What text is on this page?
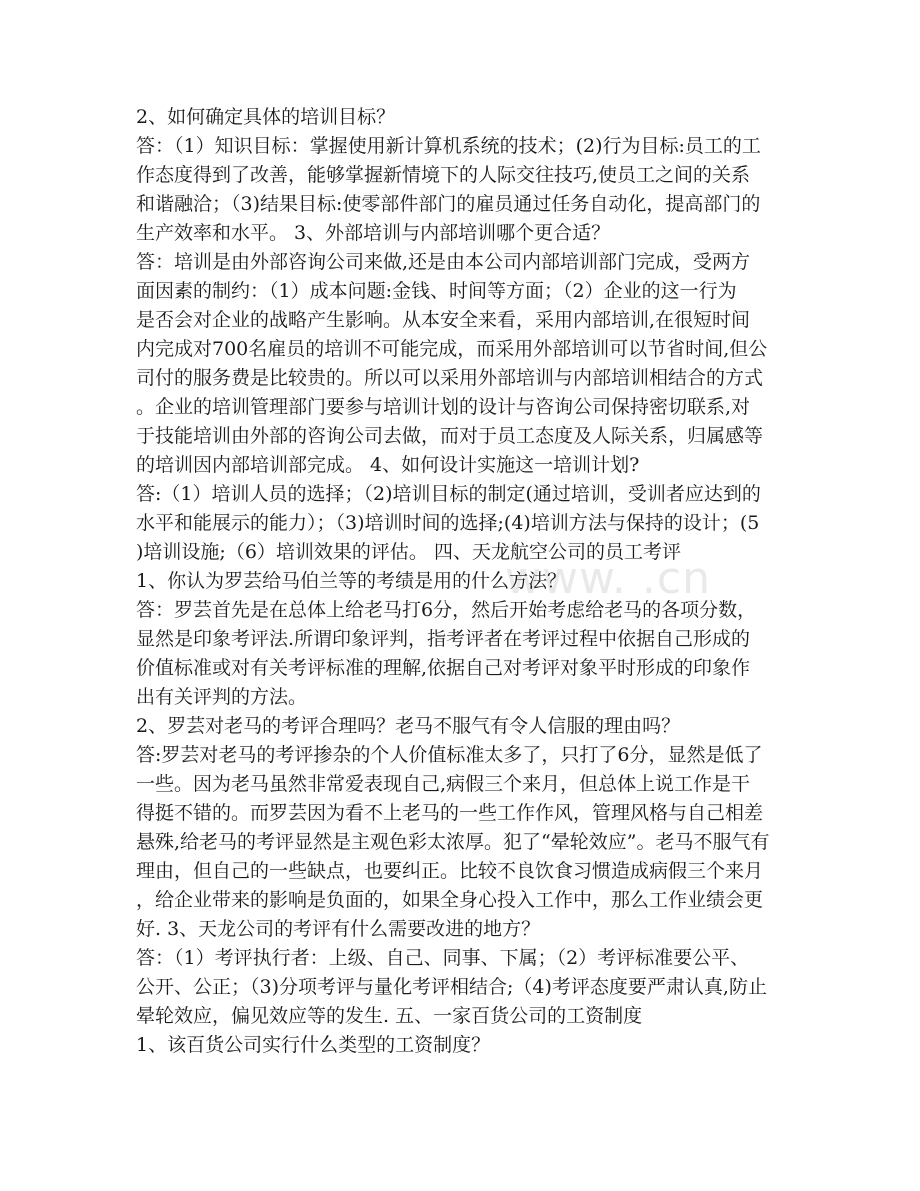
www. .cn
2、如何确定具体的培训目标？
答：（1）知识目标：掌握使用新计算机系统的技术；(2)行为目标:员工的工
作态度得到了改善，能够掌握新情境下的人际交往技巧,使员工之间的关系
和谐融洽；（3)结果目标:使零部件部门的雇员通过任务自动化，提高部门的
生产效率和水平。 3、外部培训与内部培训哪个更合适？
答：培训是由外部咨询公司来做,还是由本公司内部培训部门完成，受两方
面因素的制约：（1）成本问题:金钱、时间等方面；（2）企业的这一行为
是否会对企业的战略产生影响。从本安全来看，采用内部培训,在很短时间
内完成对700名雇员的培训不可能完成，而采用外部培训可以节省时间,但公
司付的服务费是比较贵的。所以可以采用外部培训与内部培训相结合的方式
。企业的培训管理部门要参与培训计划的设计与咨询公司保持密切联系,对
于技能培训由外部的咨询公司去做，而对于员工态度及人际关系，归属感等
的培训因内部培训部完成。 4、如何设计实施这一培训计划?
答:（1）培训人员的选择；（2)培训目标的制定(通过培训，受训者应达到的
水平和能展示的能力）；（3)培训时间的选择;(4)培训方法与保持的设计；(5
)培训设施;（6）培训效果的评估。 四、天龙航空公司的员工考评
1、你认为罗芸给马伯兰等的考绩是用的什么方法？
答：罗芸首先是在总体上给老马打6分，然后开始考虑给老马的各项分数，
显然是印象考评法.所谓印象评判，指考评者在考评过程中依据自己形成的
价值标准或对有关考评标准的理解,依据自己对考评对象平时形成的印象作
出有关评判的方法。
2、罗芸对老马的考评合理吗？老马不服气有令人信服的理由吗？
答:罗芸对老马的考评掺杂的个人价值标准太多了，只打了6分，显然是低了
一些。因为老马虽然非常爱表现自己,病假三个来月，但总体上说工作是干
得挺不错的。而罗芸因为看不上老马的一些工作作风，管理风格与自己相差
悬殊,给老马的考评显然是主观色彩太浓厚。犯了“晕轮效应”。老马不服气有
理由，但自己的一些缺点，也要纠正。比较不良饮食习惯造成病假三个来月
，给企业带来的影响是负面的，如果全身心投入工作中，那么工作业绩会更
好. 3、天龙公司的考评有什么需要改进的地方？
答：（1）考评执行者：上级、自己、同事、下属；（2）考评标准要公平、
公开、公正；（3)分项考评与量化考评相结合;（4)考评态度要严肃认真,防止
晕轮效应，偏见效应等的发生. 五、一家百货公司的工资制度
1、该百货公司实行什么类型的工资制度？
